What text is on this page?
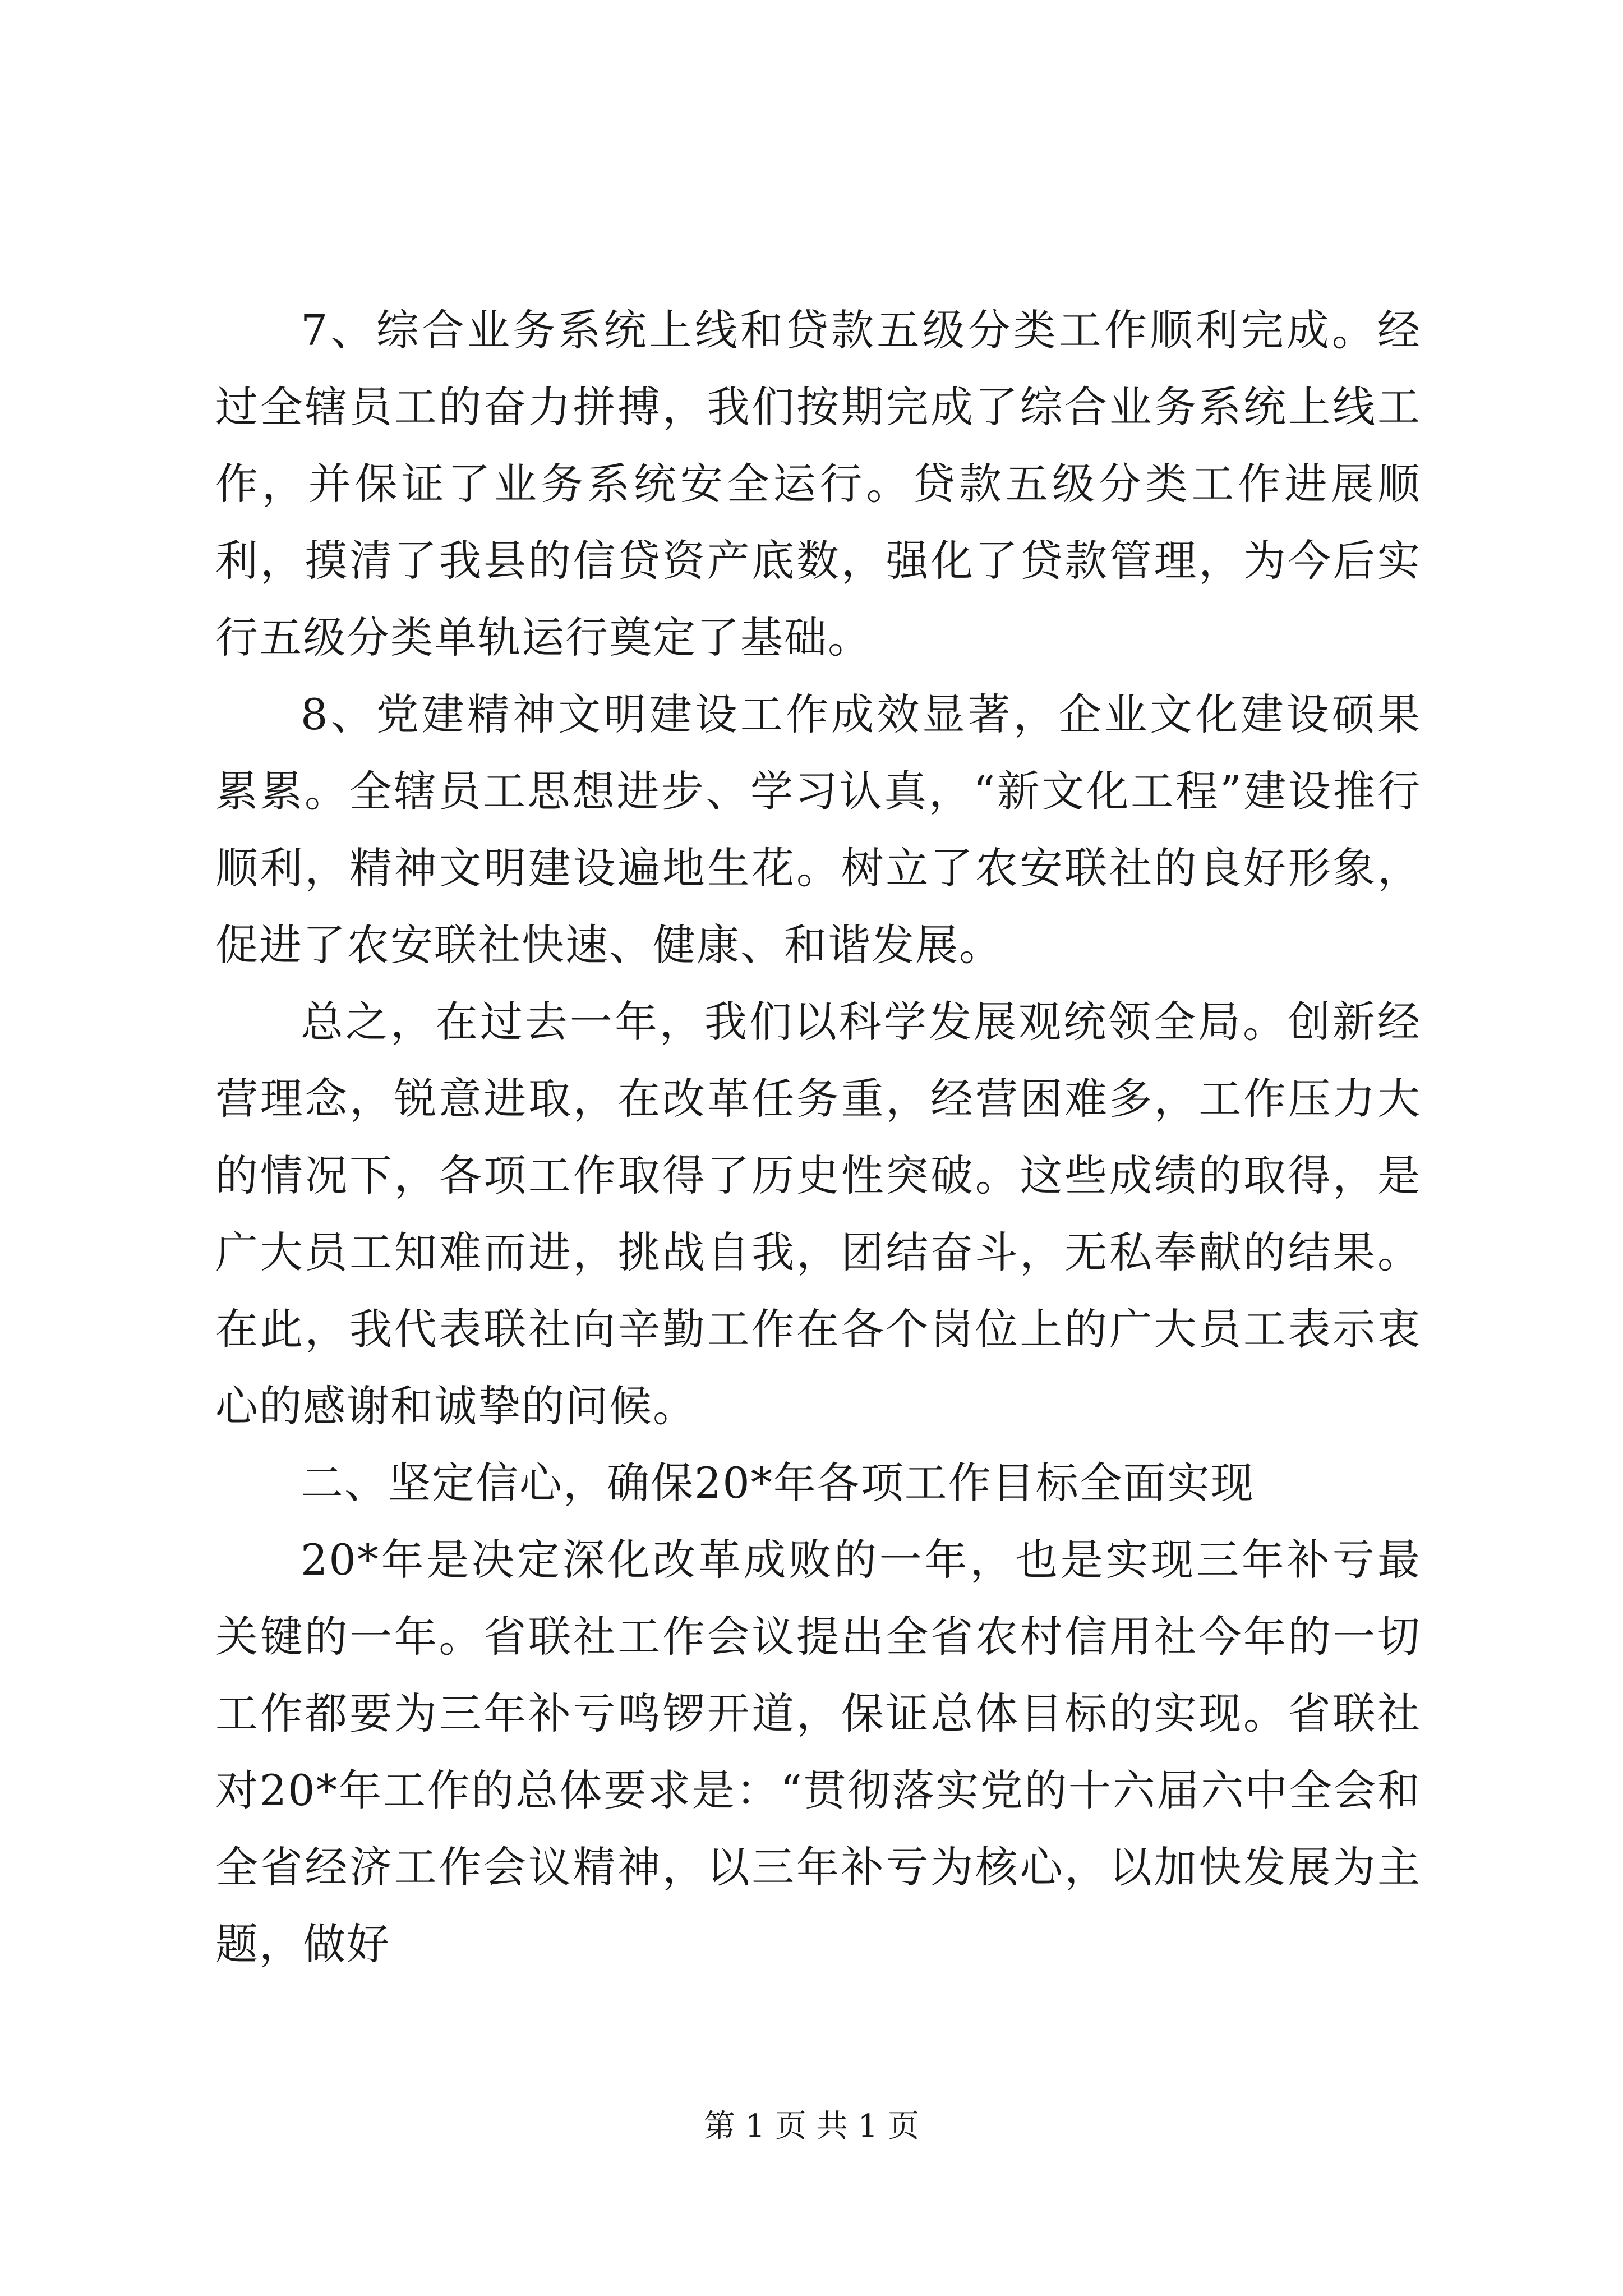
7、综合业务系统上线和贷款五级分类工作顺利完成。经过全辖员工的奋力拼搏，我们按期完成了综合业务系统上线工作，并保证了业务系统安全运行。贷款五级分类工作进展顺利，摸清了我县的信贷资产底数，强化了贷款管理，为今后实行五级分类单轨运行奠定了基础。

8、党建精神文明建设工作成效显著，企业文化建设硕果累累。全辖员工思想进步、学习认真，“新文化工程”建设推行顺利，精神文明建设遍地生花。树立了农安联社的良好形象，促进了农安联社快速、健康、和谐发展。

总之，在过去一年，我们以科学发展观统领全局。创新经营理念，锐意进取，在改革任务重，经营困难多，工作压力大的情况下，各项工作取得了历史性突破。这些成绩的取得，是广大员工知难而进，挑战自我，团结奋斗，无私奉献的结果。在此，我代表联社向辛勤工作在各个岗位上的广大员工表示衷心的感谢和诚挚的问候。

二、坚定信心，确保20*年各项工作目标全面实现

20*年是决定深化改革成败的一年，也是实现三年补亏最关键的一年。省联社工作会议提出全省农村信用社今年的一切工作都要为三年补亏鸣锣开道，保证总体目标的实现。省联社对20*年工作的总体要求是：“贯彻落实党的十六届六中全会和全省经济工作会议精神，以三年补亏为核心，以加快发展为主题，做好

第 1 页 共 1 页
